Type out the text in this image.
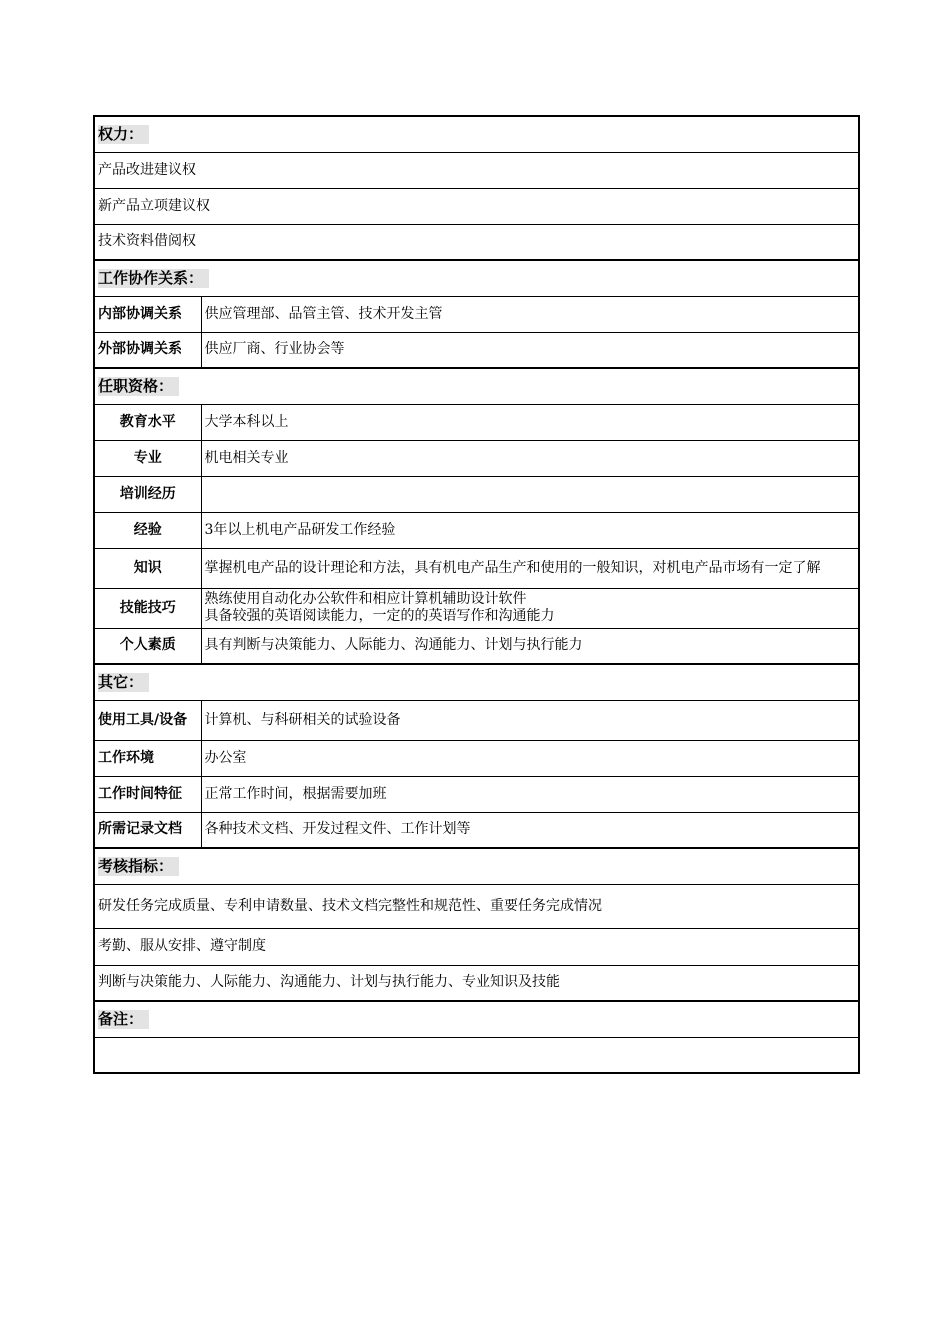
权力：	
产品改进建议权	
新产品立项建议权	
技术资料借阅权	
工作协作关系：	
内部协调关系	供应管理部、品管主管、技术开发主管
外部协调关系	供应厂商、行业协会等
任职资格：	
教育水平	大学本科以上
专业	机电相关专业
培训经历	
经验	3年以上机电产品研发工作经验
知识	掌握机电产品的设计理论和方法，具有机电产品生产和使用的一般知识，对机电产品市场有一定了解
技能技巧	熟练使用自动化办公软件和相应计算机辅助设计软件
具备较强的英语阅读能力，一定的的英语写作和沟通能力

个人素质	具有判断与决策能力、人际能力、沟通能力、计划与执行能力
其它：	
使用工具/设备	计算机、与科研相关的试验设备
工作环境	办公室
工作时间特征	正常工作时间，根据需要加班
所需记录文档	各种技术文档、开发过程文件、工作计划等
考核指标：	
研发任务完成质量、专利申请数量、技术文档完整性和规范性、重要任务完成情况	
考勤、服从安排、遵守制度	
判断与决策能力、人际能力、沟通能力、计划与执行能力、专业知识及技能	
备注：	
